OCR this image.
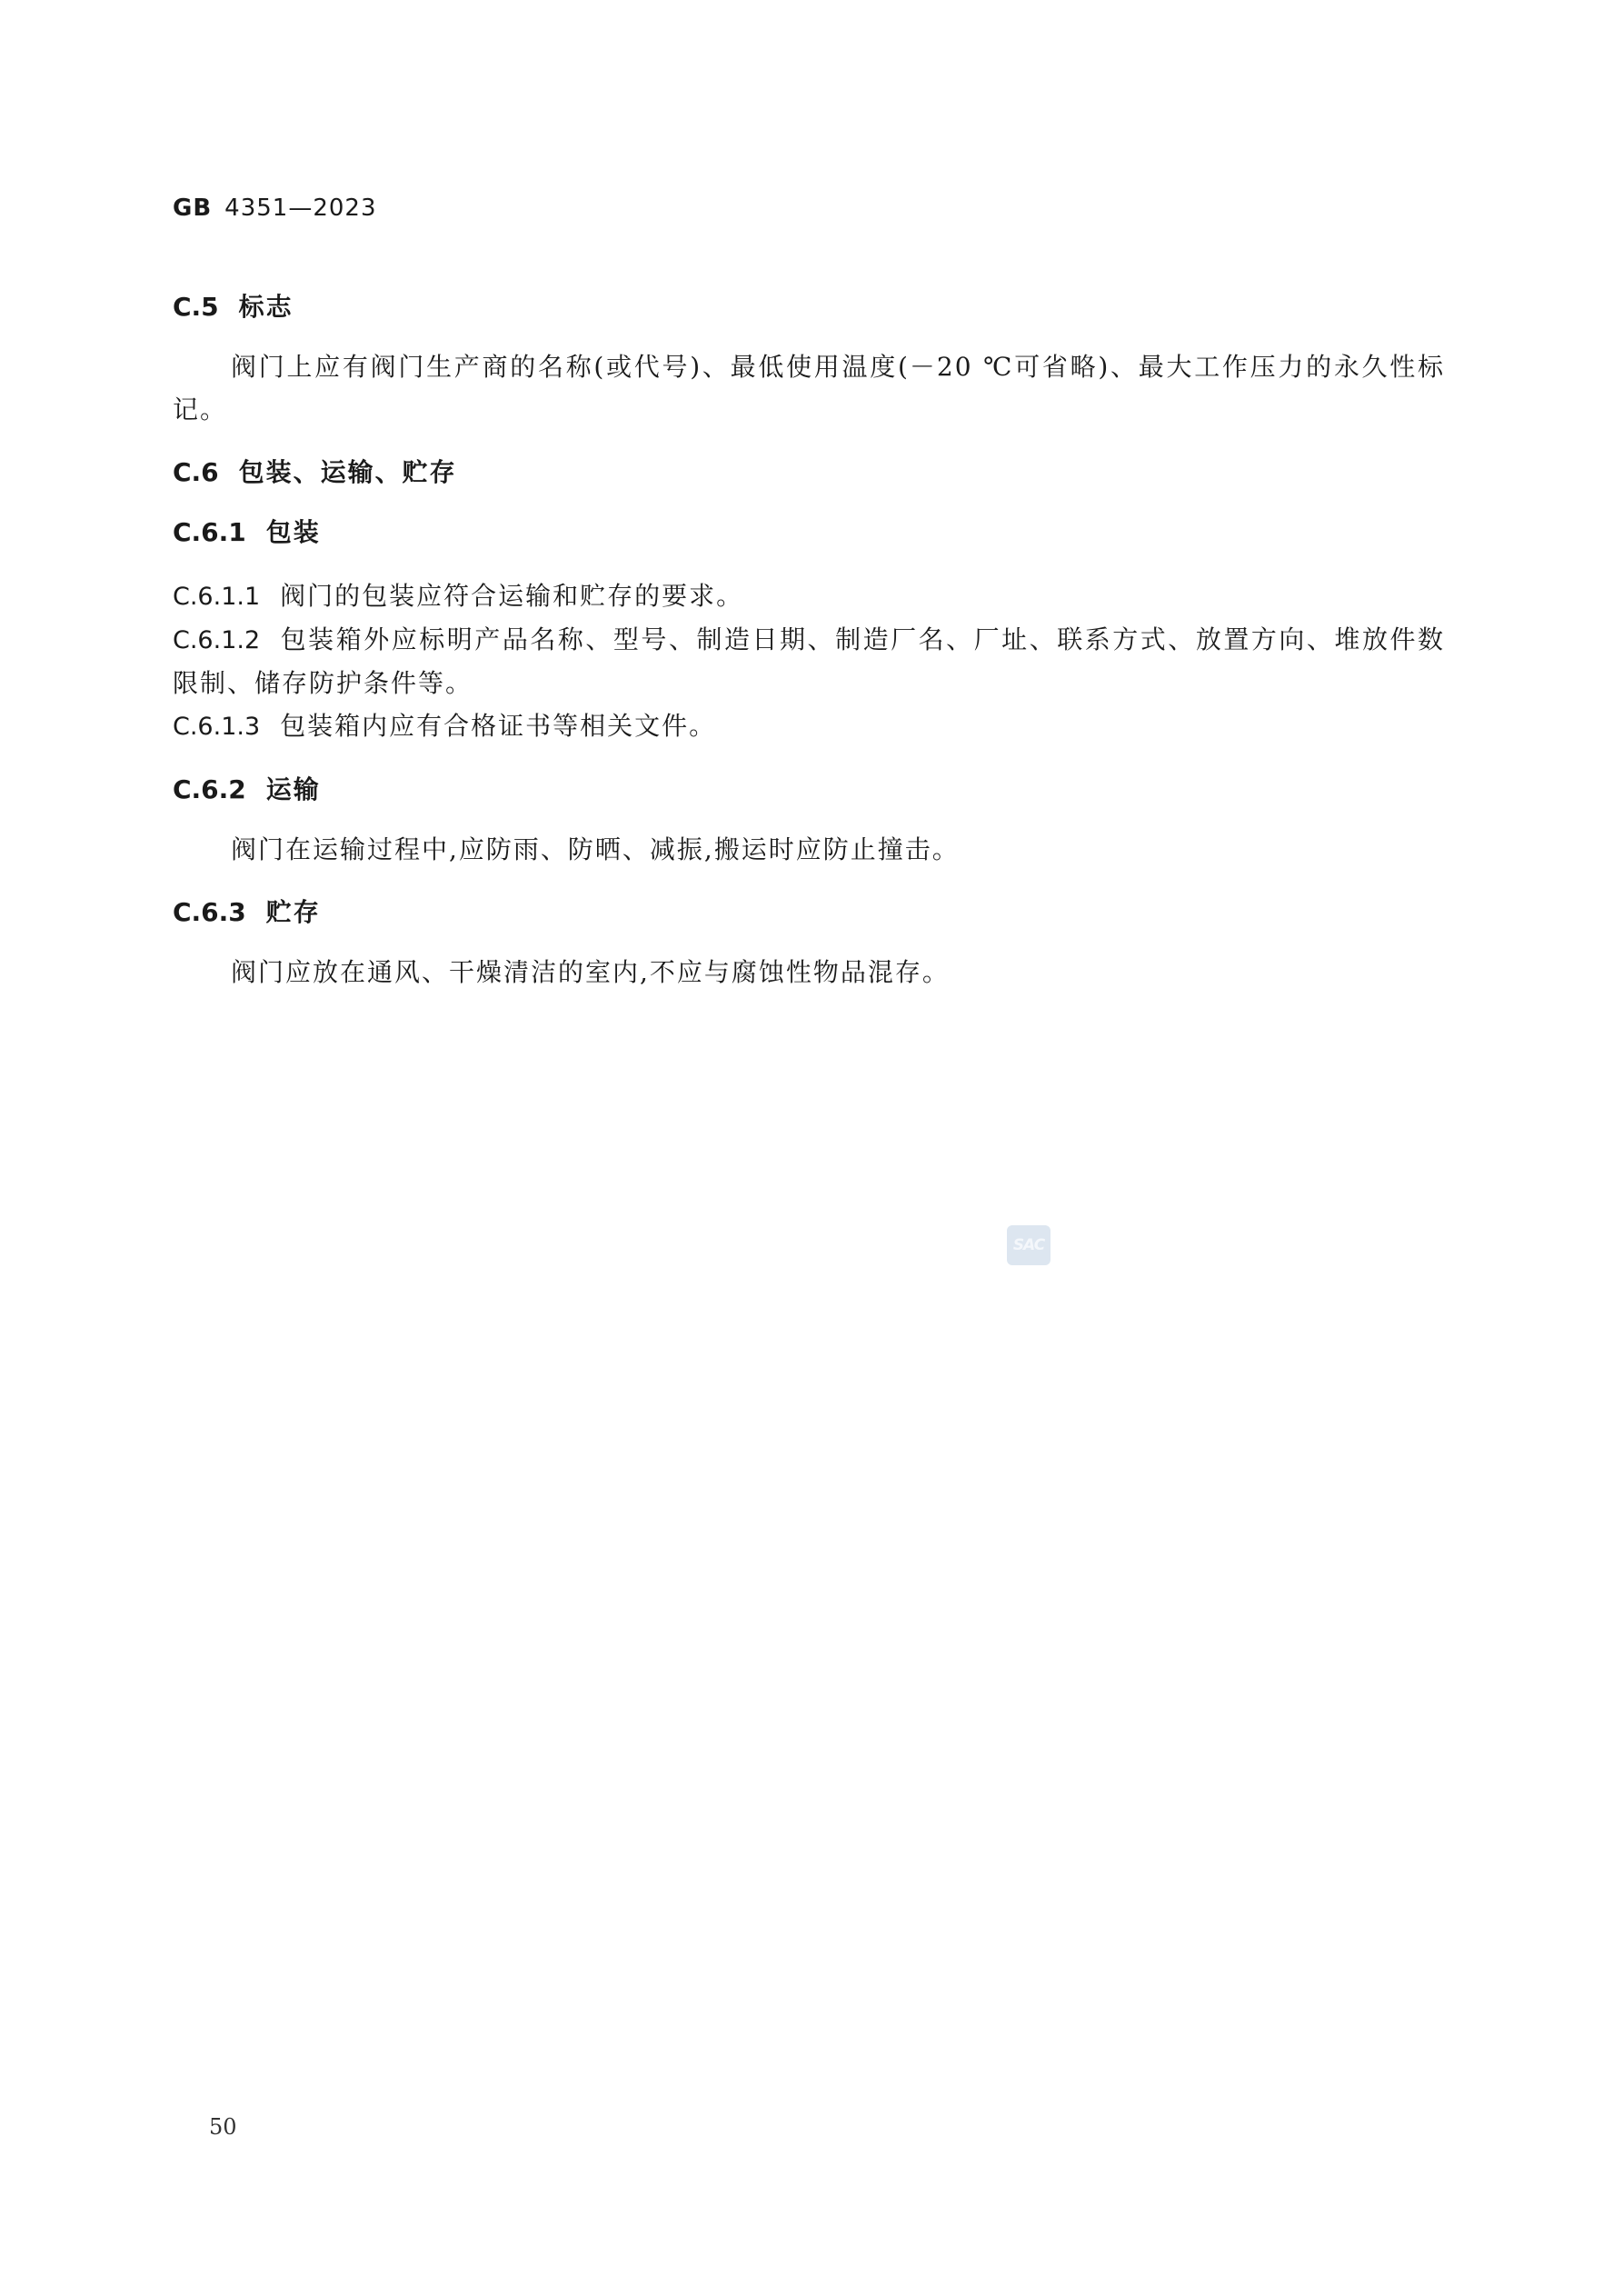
GB 4351—2023
C.5 标志

阀门上应有阀门生产商的名称(或代号)、最低使用温度(－20 ℃可省略)、最大工作压力的永久性标记。

C.6 包装、运输、贮存
C.6.1 包装

C.6.1.1 阀门的包装应符合运输和贮存的要求。

C.6.1.2 包装箱外应标明产品名称、型号、制造日期、制造厂名、厂址、联系方式、放置方向、堆放件数限制、储存防护条件等。

C.6.1.3 包装箱内应有合格证书等相关文件。

C.6.2 运输

阀门在运输过程中,应防雨、防晒、减振,搬运时应防止撞击。

C.6.3 贮存

阀门应放在通风、干燥清洁的室内,不应与腐蚀性物品混存。

SAC
50
